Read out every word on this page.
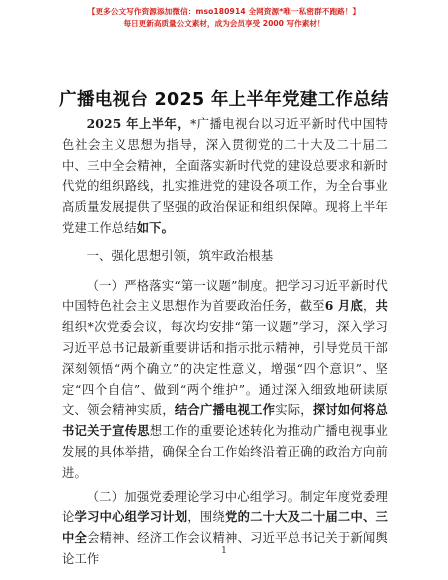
【更多公文写作资源添加微信：mso180914 全网资源*唯一私密群不跑路！】
每日更新高质量公文素材，成为会员享受 2000 写作素材！
广播电视台 2025 年上半年党建工作总结

2025 年上半年，*广播电视台以习近平新时代中国特色社会主义思想为指导，深入贯彻党的二十大及二十届二中、三中全会精神，全面落实新时代党的建设总要求和新时代党的组织路线，扎实推进党的建设各项工作，为全台事业高质量发展提供了坚强的政治保证和组织保障。现将上半年党建工作总结如下。

一、强化思想引领，筑牢政治根基

（一）严格落实“第一议题”制度。把学习习近平新时代中国特色社会主义思想作为首要政治任务，截至6 月底，共组织*次党委会议，每次均安排“第一议题”学习，深入学习习近平总书记最新重要讲话和指示批示精神，引导党员干部深刻领悟“两个确立”的决定性意义，增强“四个意识”、坚定“四个自信”、做到“两个维护”。通过深入细致地研读原文、领会精神实质，结合广播电视工作实际，探讨如何将总书记关于宣传思想工作的重要论述转化为推动广播电视事业发展的具体举措，确保全台工作始终沿着正确的政治方向前进。

（二）加强党委理论学习中心组学习。制定年度党委理论学习中心组学习计划，围绕党的二十大及二十届二中、三中全会精神、经济工作会议精神、习近平总书记关于新闻舆论工作

1
